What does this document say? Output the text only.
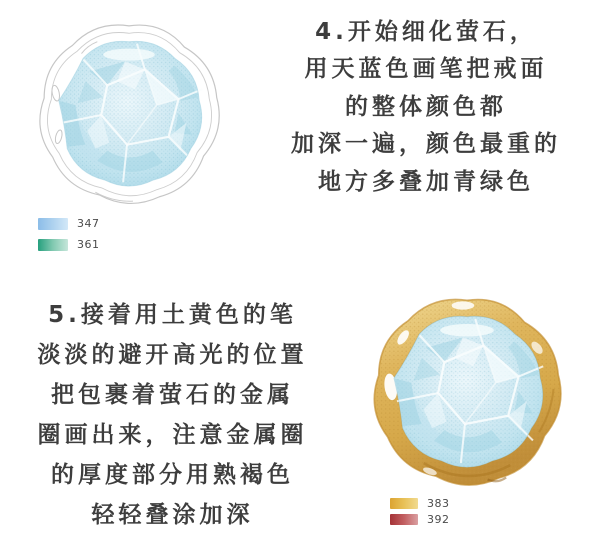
4.开始细化萤石，
用天蓝色画笔把戒面
的整体颜色都
加深一遍，颜色最重的
地方多叠加青绿色
347
361
5.接着用土黄色的笔
淡淡的避开高光的位置
把包裹着萤石的金属
圈画出来，注意金属圈
的厚度部分用熟褐色
轻轻叠涂加深	383
392
